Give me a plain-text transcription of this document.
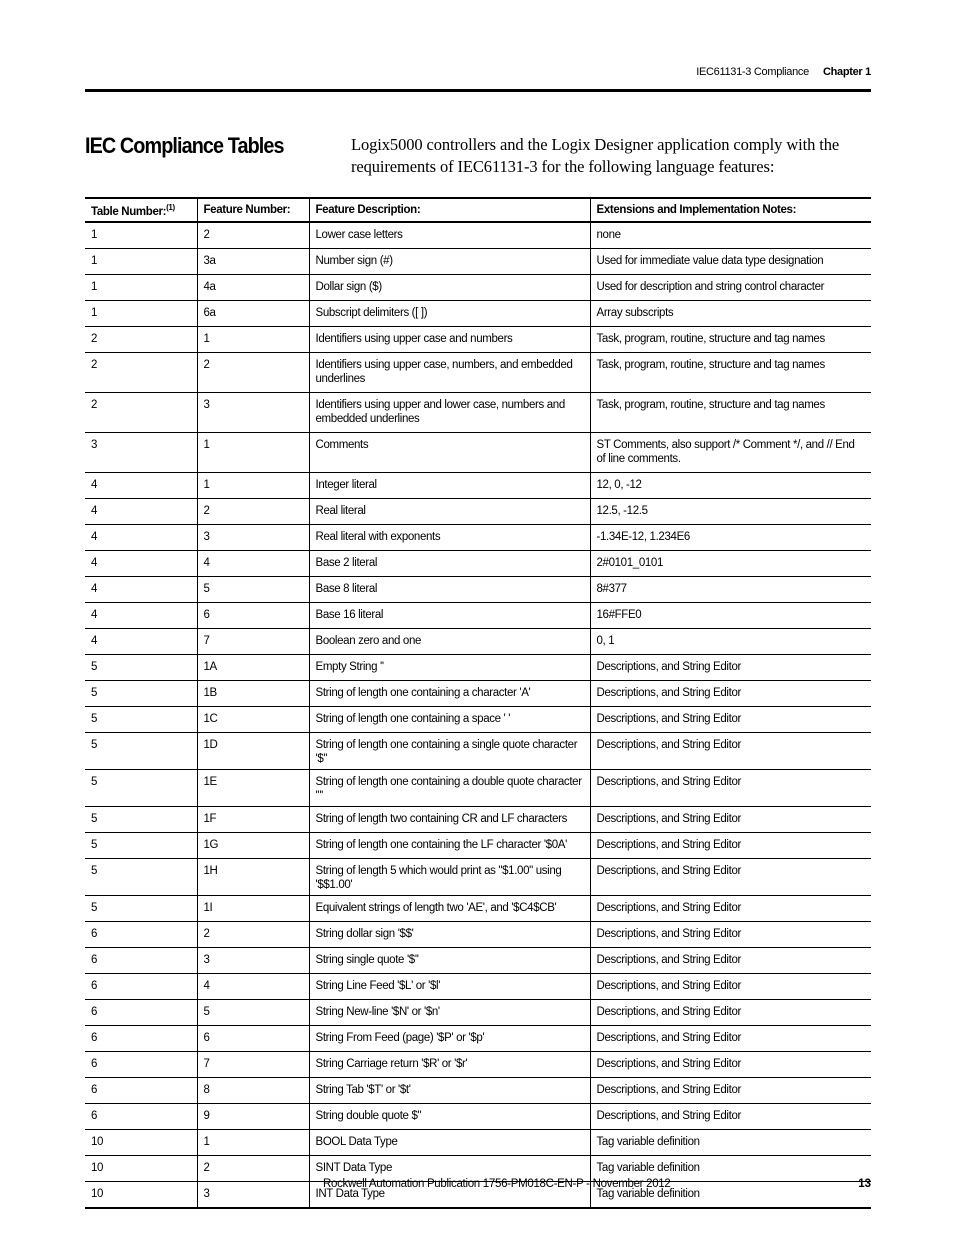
IEC61131-3 Compliance Chapter 1
IEC Compliance Tables	Logix5000 controllers and the Logix Designer application comply with the requirements of IEC61131-3 for the following language features:

Table Number:$^{(1)}$	Feature Number:	Feature Description:	Extensions and Implementation Notes:
1	2	Lower case letters	none
1	3a	Number sign (#)	Used for immediate value data type designation
1	4a	Dollar sign ($)	Used for description and string control character
1	6a	Subscript delimiters ([ ])	Array subscripts
2	1	Identifiers using upper case and numbers	Task, program, routine, structure and tag names
2	2	Identifiers using upper case, numbers, and embedded underlines	Task, program, routine, structure and tag names
2	3	Identifiers using upper and lower case, numbers and embedded underlines	Task, program, routine, structure and tag names
3	1	Comments	ST Comments, also support /* Comment */, and // End of line comments.
4	1	Integer literal	12, 0, -12
4	2	Real literal	12.5, -12.5
4	3	Real literal with exponents	-1.34E-12, 1.234E6
4	4	Base 2 literal	2#0101_0101
4	5	Base 8 literal	8#377
4	6	Base 16 literal	16#FFE0
4	7	Boolean zero and one	0, 1
5	1A	Empty String ''	Descriptions, and String Editor
5	1B	String of length one containing a character 'A'	Descriptions, and String Editor
5	1C	String of length one containing a space ' '	Descriptions, and String Editor
5	1D	String of length one containing a single quote character '$''	Descriptions, and String Editor
5	1E	String of length one containing a double quote character '"'	Descriptions, and String Editor
5	1F	String of length two containing CR and LF characters	Descriptions, and String Editor
5	1G	String of length one containing the LF character '$0A'	Descriptions, and String Editor
5	1H	String of length 5 which would print as "$1.00" using '$$1.00'	Descriptions, and String Editor
5	1I	Equivalent strings of length two 'AE', and '$C4$CB'	Descriptions, and String Editor
6	2	String dollar sign '$$'	Descriptions, and String Editor
6	3	String single quote '$''	Descriptions, and String Editor
6	4	String Line Feed '$L' or '$l'	Descriptions, and String Editor
6	5	String New-line '$N' or '$n'	Descriptions, and String Editor
6	6	String From Feed (page) '$P' or '$p'	Descriptions, and String Editor
6	7	String Carriage return '$R' or '$r'	Descriptions, and String Editor
6	8	String Tab '$T' or '$t'	Descriptions, and String Editor
6	9	String double quote $"	Descriptions, and String Editor
10	1	BOOL Data Type	Tag variable definition
10	2	SINT Data Type	Tag variable definition
10	3	INT Data Type	Tag variable definition
Rockwell Automation Publication 1756-PM018C-EN-P - November 2012	13
